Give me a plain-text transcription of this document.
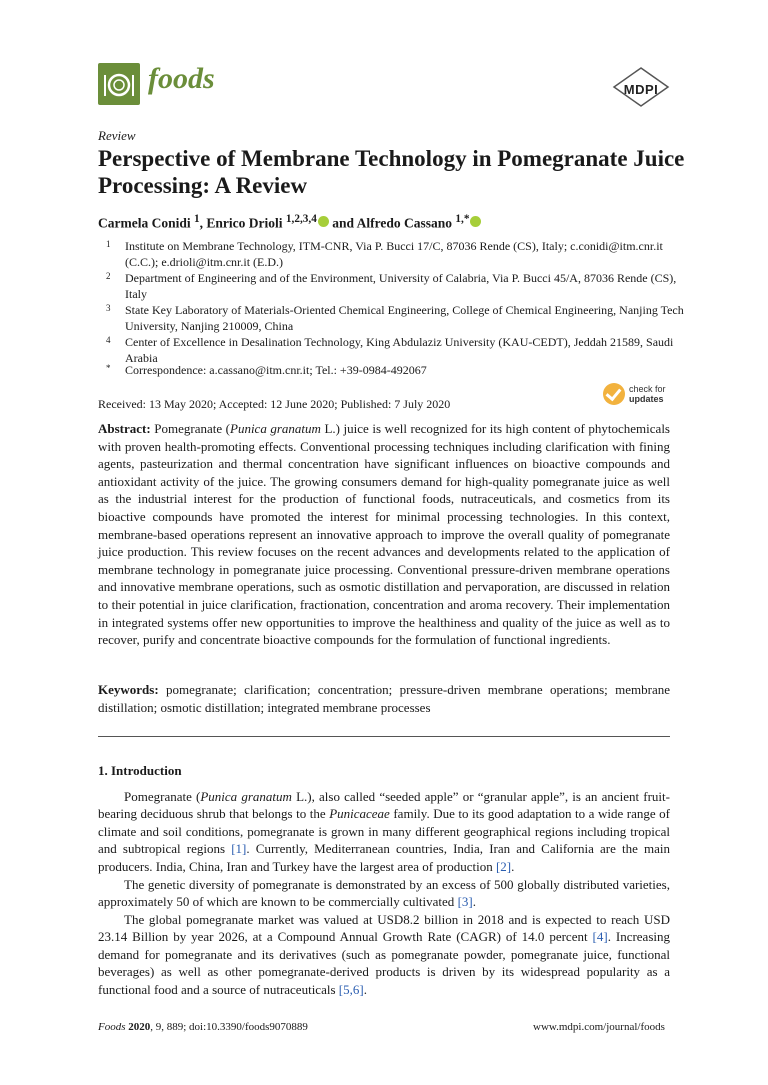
foods	MDPI
Review
Perspective of Membrane Technology in Pomegranate Juice Processing: A Review
Carmela Conidi $^1$, Enrico Drioli $^{1,2,3,4}$ and Alfredo Cassano $^{1,*}$
1 Institute on Membrane Technology, ITM-CNR, Via P. Bucci 17/C, 87036 Rende (CS), Italy; c.conidi@itm.cnr.it (C.C.); e.drioli@itm.cnr.it (E.D.)
2 Department of Engineering and of the Environment, University of Calabria, Via P. Bucci 45/A, 87036 Rende (CS), Italy
3 State Key Laboratory of Materials-Oriented Chemical Engineering, College of Chemical Engineering, Nanjing Tech University, Nanjing 210009, China
4 Center of Excellence in Desalination Technology, King Abdulaziz University (KAU-CEDT), Jeddah 21589, Saudi Arabia
* Correspondence: a.cassano@itm.cnr.it; Tel.: +39-0984-492067
Received: 13 May 2020; Accepted: 12 June 2020; Published: 7 July 2020
check for
updates
Abstract: Pomegranate (Punica granatum L.) juice is well recognized for its high content of phytochemicals with proven health-promoting effects. Conventional processing techniques including clarification with fining agents, pasteurization and thermal concentration have significant influences on bioactive compounds and antioxidant activity of the juice. The growing consumers demand for high-quality pomegranate juice as well as the industrial interest for the production of functional foods, nutraceuticals, and cosmetics from its bioactive compounds have promoted the interest for minimal processing technologies. In this context, membrane-based operations represent an innovative approach to improve the overall quality of pomegranate juice production. This review focuses on the recent advances and developments related to the application of membrane technology in pomegranate juice processing. Conventional pressure-driven membrane operations and innovative membrane operations, such as osmotic distillation and pervaporation, are discussed in relation to their potential in juice clarification, fractionation, concentration and aroma recovery. Their implementation in integrated systems offer new opportunities to improve the healthiness and quality of the juice as well as to recover, purify and concentrate bioactive compounds for the formulation of functional ingredients.
Keywords: pomegranate; clarification; concentration; pressure-driven membrane operations; membrane distillation; osmotic distillation; integrated membrane processes
1. Introduction
Pomegranate (Punica granatum L.), also called “seeded apple” or “granular apple”, is an ancient fruit-bearing deciduous shrub that belongs to the Punicaceae family. Due to its good adaptation to a wide range of climate and soil conditions, pomegranate is grown in many different geographical regions including tropical and subtropical regions [1]. Currently, Mediterranean countries, India, Iran and California are the main producers. India, China, Iran and Turkey have the largest area of production [2].
The genetic diversity of pomegranate is demonstrated by an excess of 500 globally distributed varieties, approximately 50 of which are known to be commercially cultivated [3].
The global pomegranate market was valued at USD8.2 billion in 2018 and is expected to reach USD 23.14 Billion by year 2026, at a Compound Annual Growth Rate (CAGR) of 14.0 percent [4]. Increasing demand for pomegranate and its derivatives (such as pomegranate powder, pomegranate juice, functional beverages) as well as other pomegranate-derived products is driven by its widespread popularity as a functional food and a source of nutraceuticals [5,6].
Foods 2020, 9, 889; doi:10.3390/foods9070889	www.mdpi.com/journal/foods
